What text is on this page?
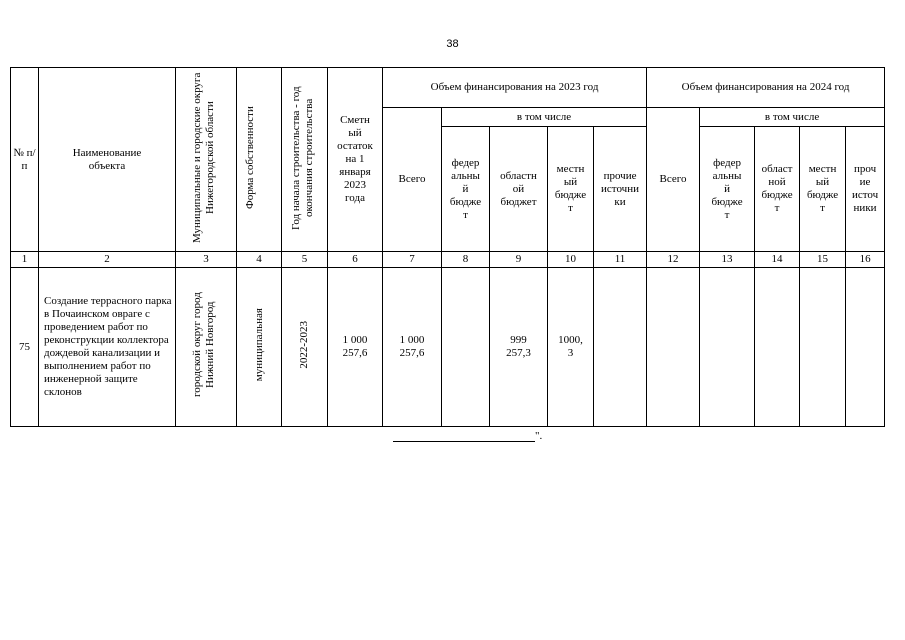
38
№ п/п	Наименование объекта	Муниципальные и городские округа Нижегородской области	Форма собственности	Год начала строительства - год окончания строительства	Сметный остаток на 1 января 2023 года	Объем финансирования на 2023 год					Объем финансирования на 2024 год				
						Всего	в том числе				Всего	в том числе			
							федеральный бюджет	областной бюджет	местный бюджет	прочие источники		федеральный бюджет	областной бюджет	местный бюджет	прочие источники
1	2	3	4	5	6	7	8	9	10	11	12	13	14	15	16
75	Создание террасного парка в Почаинском овраге с проведением работ по реконструкции коллектора дождевой канализации и выполнением работ по инженерной защите склонов	городской округ город Нижний Новгород	муниципальная	2022-2023	1 000 257,6	1 000 257,6		999 257,3	1000, 3						
".
